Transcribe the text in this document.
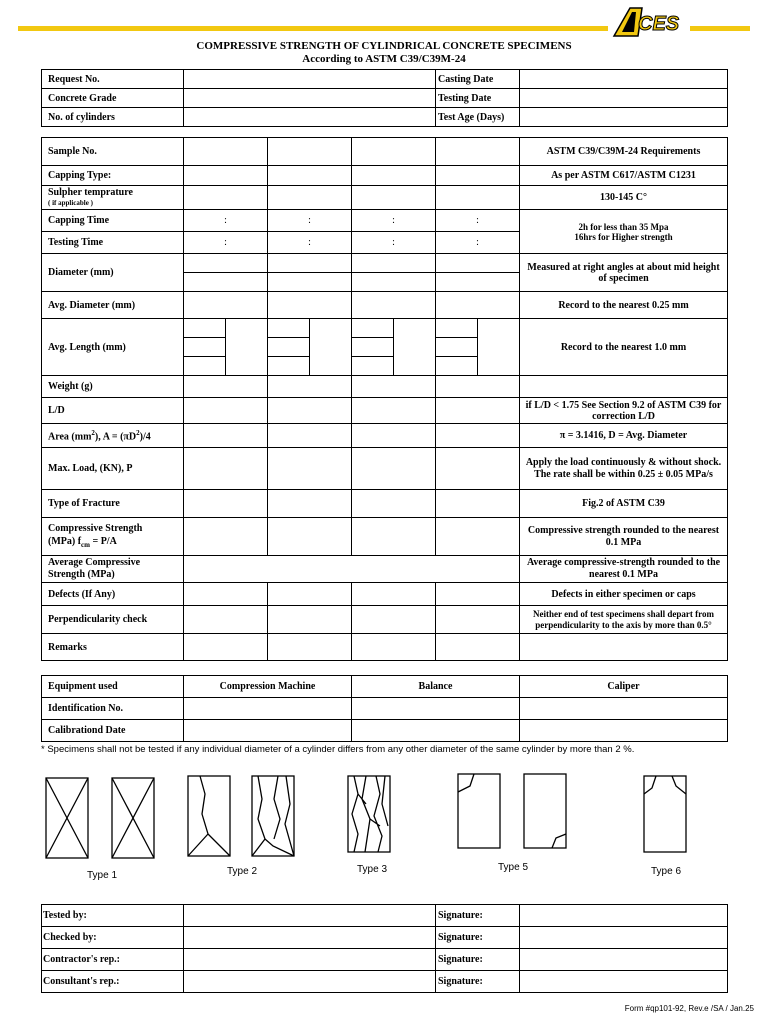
CES
COMPRESSIVE STRENGTH OF CYLINDRICAL CONCRETE SPECIMENS
According to ASTM C39/C39M-24
Request No.		Casting Date	
Concrete Grade		Testing Date	
No. of cylinders		Test Age (Days)	
Sample No.									ASTM C39/C39M-24 Requirements
Capping Type:									As per ASTM C617/ASTM C1231
Sulpher temprature
( if applicable )									130-145 C°
Capping Time	:		:		:		:		2h for less than 35 Mpa
16hrs for Higher strength
Testing Time	:		:		:		:		
Diameter (mm)									Measured at right angles at about mid height of specimen

Avg. Diameter (mm)									Record to the nearest 0.25 mm
Avg. Length (mm)									Record to the nearest 1.0 mm

Weight (g)									
L/D									if L/D < 1.75 See Section 9.2 of ASTM C39 for correction L/D
Area $(mm^2)$, $A = (\pi D^2)/4$									π = 3.1416, D = Avg. Diameter
Max. Load, (KN), P									Apply the load continuously & without shock. The rate shall be within 0.25 ± 0.05 MPa/s
Type of Fracture									Fig.2 of ASTM C39
Compressive Strength
(MPa) $f_{cm} = P/A$									Compressive strength rounded to the nearest 0.1 MPa
Average Compressive Strength (MPa)									Average compressive-strength rounded to the nearest 0.1 MPa
Defects (If Any)									Defects in either specimen or caps
Perpendicularity check									Neither end of test specimens shall depart from perpendicularity to the axis by more than 0.5°
Remarks									
Equipment used	Compression Machine	Balance	Caliper
Identification No.			
Calibrationd Date			
* Specimens shall not be tested if any individual diameter of a cylinder differs from any other diameter of the same cylinder by more than 2 %.
Type 1	Type 2	Type 3	Type 5	Type 6
Tested by:		Signature:	
Checked by:		Signature:	
Contractor's rep.:		Signature:	
Consultant's rep.:		Signature:	
Form #qp101-92, Rev.e /SA / Jan.25
